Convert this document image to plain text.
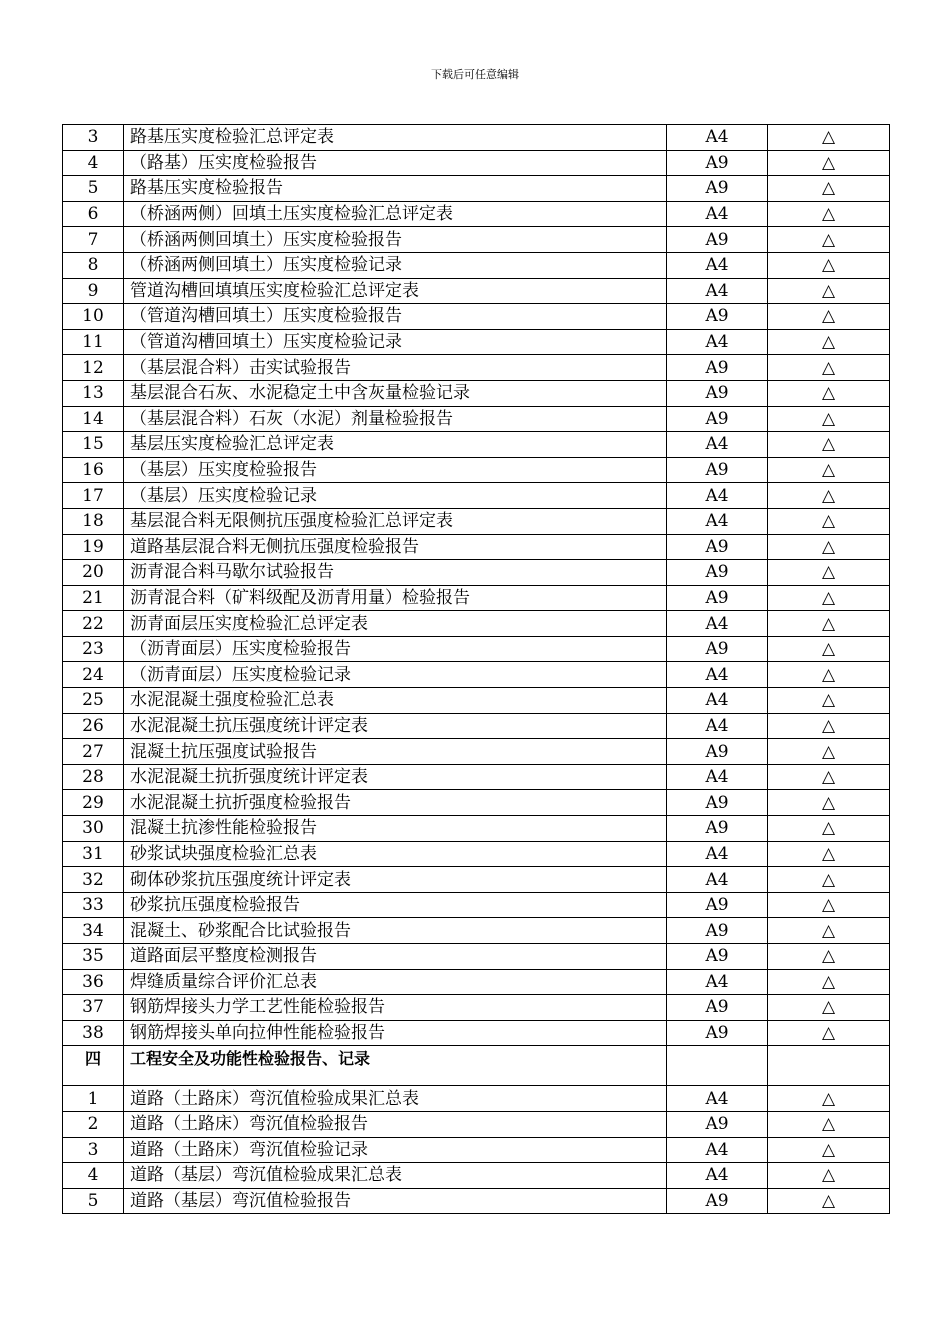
下载后可任意编辑
3	路基压实度检验汇总评定表	A4	△
4	（路基）压实度检验报告	A9	△
5	路基压实度检验报告	A9	△
6	（桥涵两侧）回填土压实度检验汇总评定表	A4	△
7	（桥涵两侧回填土）压实度检验报告	A9	△
8	（桥涵两侧回填土）压实度检验记录	A4	△
9	管道沟槽回填填压实度检验汇总评定表	A4	△
10	（管道沟槽回填土）压实度检验报告	A9	△
11	（管道沟槽回填土）压实度检验记录	A4	△
12	（基层混合料）击实试验报告	A9	△
13	基层混合石灰、水泥稳定土中含灰量检验记录	A9	△
14	（基层混合料）石灰（水泥）剂量检验报告	A9	△
15	基层压实度检验汇总评定表	A4	△
16	（基层）压实度检验报告	A9	△
17	（基层）压实度检验记录	A4	△
18	基层混合料无限侧抗压强度检验汇总评定表	A4	△
19	道路基层混合料无侧抗压强度检验报告	A9	△
20	沥青混合料马歇尔试验报告	A9	△
21	沥青混合料（矿料级配及沥青用量）检验报告	A9	△
22	沥青面层压实度检验汇总评定表	A4	△
23	（沥青面层）压实度检验报告	A9	△
24	（沥青面层）压实度检验记录	A4	△
25	水泥混凝土强度检验汇总表	A4	△
26	水泥混凝土抗压强度统计评定表	A4	△
27	混凝土抗压强度试验报告	A9	△
28	水泥混凝土抗折强度统计评定表	A4	△
29	水泥混凝土抗折强度检验报告	A9	△
30	混凝土抗渗性能检验报告	A9	△
31	砂浆试块强度检验汇总表	A4	△
32	砌体砂浆抗压强度统计评定表	A4	△
33	砂浆抗压强度检验报告	A9	△
34	混凝土、砂浆配合比试验报告	A9	△
35	道路面层平整度检测报告	A9	△
36	焊缝质量综合评价汇总表	A4	△
37	钢筋焊接头力学工艺性能检验报告	A9	△
38	钢筋焊接头单向拉伸性能检验报告	A9	△
四	工程安全及功能性检验报告、记录		
1	道路（土路床）弯沉值检验成果汇总表	A4	△
2	道路（土路床）弯沉值检验报告	A9	△
3	道路（土路床）弯沉值检验记录	A4	△
4	道路（基层）弯沉值检验成果汇总表	A4	△
5	道路（基层）弯沉值检验报告	A9	△
